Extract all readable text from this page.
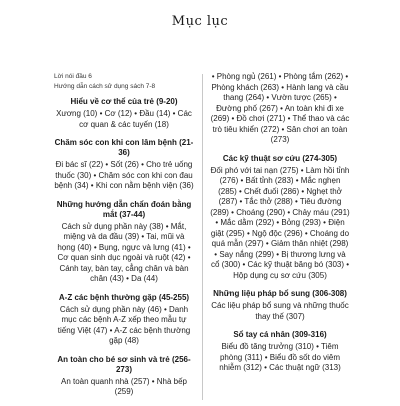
Mục lục
Lời nói đầu 6
Hướng dẫn cách sử dụng sách 7-8
Hiểu về cơ thể của trẻ (9-20)
Xương (10) • Cơ (12) • Đầu (14) • Các cơ quan & các tuyến (18)
Chăm sóc con khi con lâm bệnh (21-36)
Đi bác sĩ (22) • Sốt (26) • Cho trẻ uống thuốc (30) • Chăm sóc con khi con đau bệnh (34) • Khi con nằm bệnh viện (36)
Những hướng dẫn chẩn đoán bằng mắt (37-44)
Cách sử dụng phần này (38) • Mắt, miệng và da đầu (39) • Tai, mũi và họng (40) • Bụng, ngực và lưng (41) • Cơ quan sinh dục ngoài và ruột (42) • Cánh tay, bàn tay, cẳng chân và bàn chân (43) • Da (44)
A-Z các bệnh thường gặp (45-255)
Cách sử dụng phần này (46) • Danh mục các bệnh A-Z xếp theo mẫu tự tiếng Việt (47) • A-Z các bệnh thường gặp (48)
An toàn cho bé sơ sinh và trẻ (256-273)
An toàn quanh nhà (257) • Nhà bếp (259)
• Phòng ngủ (261) • Phòng tắm (262) • Phòng khách (263) • Hành lang và cầu thang (264) • Vườn tược (265) • Đường phố (267) • An toàn khi đi xe (269) • Đồ chơi (271) • Thể thao và các trò tiêu khiển (272) • Sân chơi an toàn (273)
Các kỹ thuật sơ cứu (274-305)
Đối phó với tai nạn (275) • Làm hồi tỉnh (276) • Bất tỉnh (283) • Mắc nghẹn (285) • Chết đuối (286) • Nghẹt thở (287) • Tắc thở (288) • Tiêu đường (289) • Choáng (290) • Chảy máu (291) • Mắc dằm (292) • Bỏng (293) • Điện giật (295) • Ngộ độc (296) • Choáng do quá mẫn (297) • Giảm thân nhiệt (298) • Say nắng (299) • Bị thương lưng và cổ (300) • Các kỹ thuật băng bó (303) • Hộp dụng cụ sơ cứu (305)
Những liệu pháp bổ sung (306-308)
Các liệu pháp bổ sung và những thuốc thay thế (307)
Sổ tay cá nhân (309-316)
Biểu đồ tăng trưởng (310) • Tiêm phòng (311) • Biểu đồ sốt do viêm nhiễm (312) • Các thuật ngữ (313)
